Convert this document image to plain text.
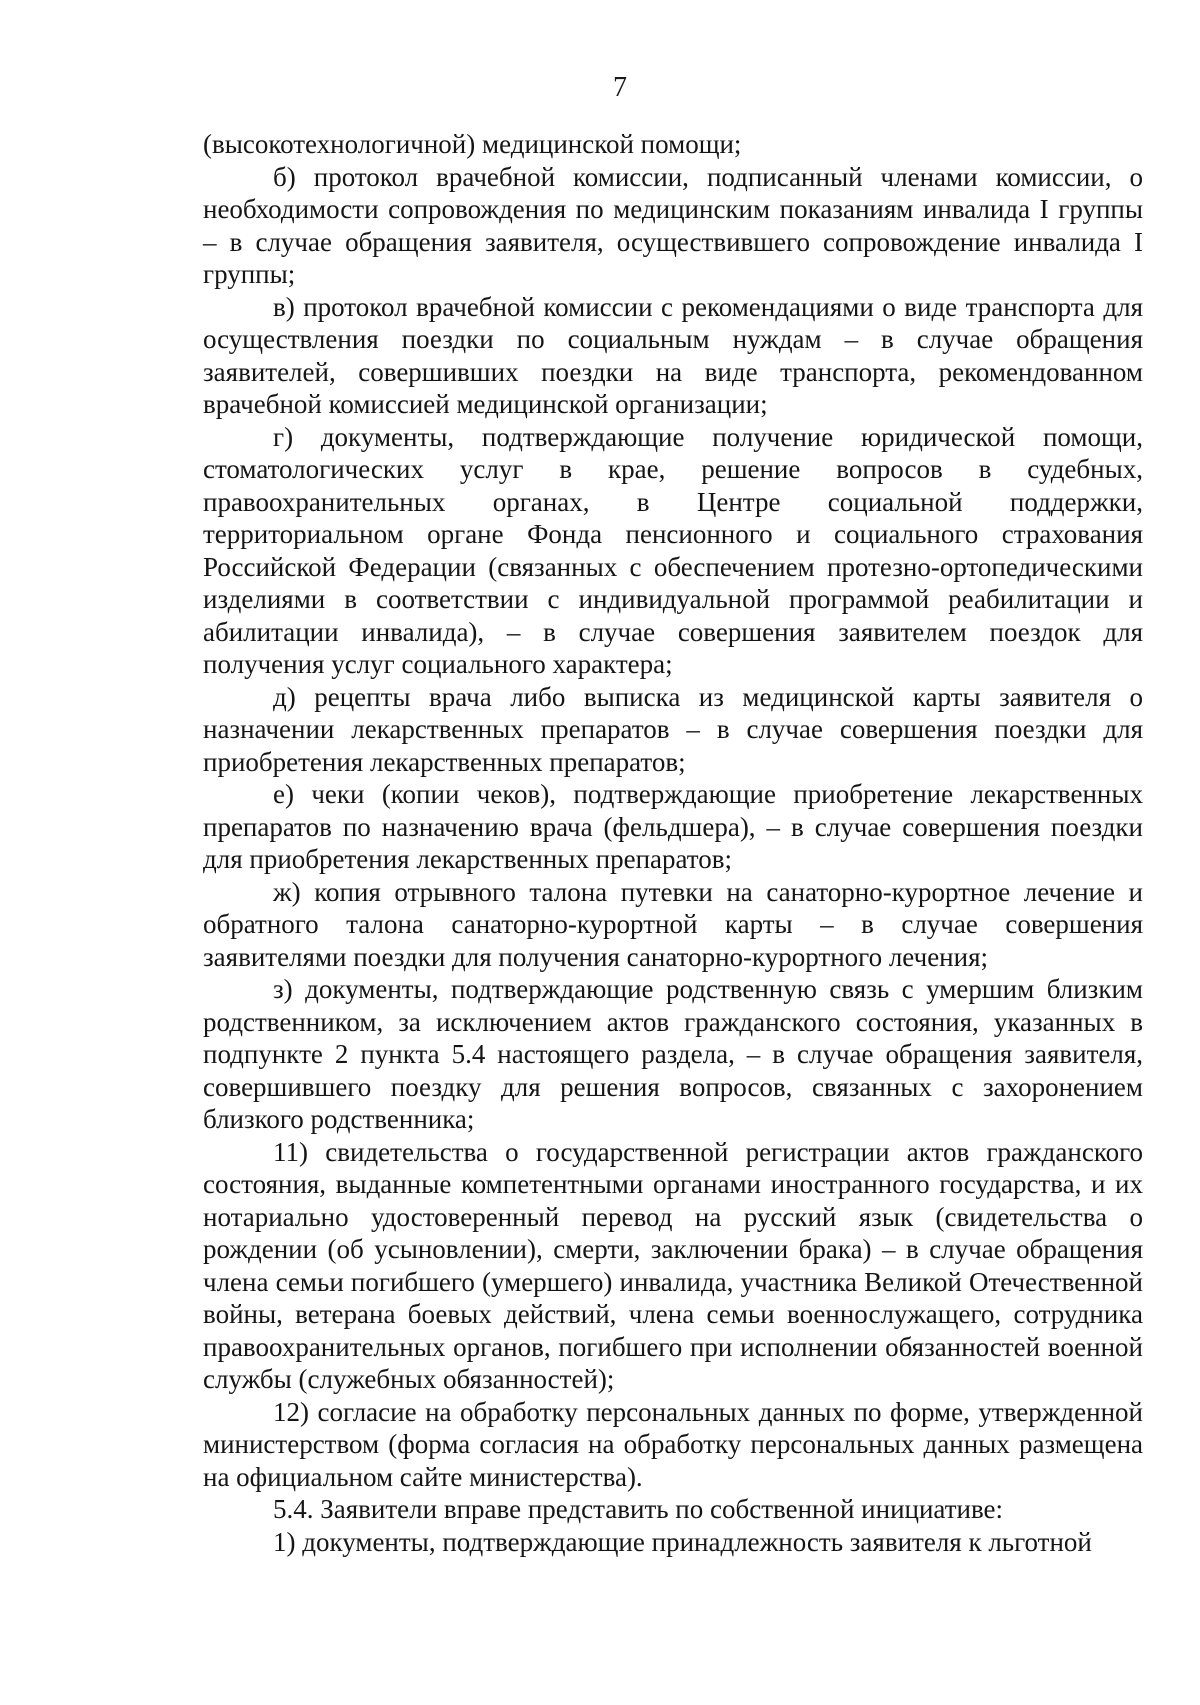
7

(высокотехнологичной) медицинской помощи;

б) протокол врачебной комиссии, подписанный членами комиссии, о необходимости сопровождения по медицинским показаниям инвалида I группы – в случае обращения заявителя, осуществившего сопровождение инвалида I группы;

в) протокол врачебной комиссии с рекомендациями о виде транспорта для осуществления поездки по социальным нуждам – в случае обращения заявителей, совершивших поездки на виде транспорта, рекомендованном врачебной комиссией медицинской организации;

г) документы, подтверждающие получение юридической помощи, стоматологических услуг в крае, решение вопросов в судебных, правоохранительных органах, в Центре социальной поддержки, территориальном органе Фонда пенсионного и социального страхования Российской Федерации (связанных с обеспечением протезно-ортопедическими изделиями в соответствии с индивидуальной программой реабилитации и абилитации инвалида), – в случае совершения заявителем поездок для получения услуг социального характера;

д) рецепты врача либо выписка из медицинской карты заявителя о назначении лекарственных препаратов – в случае совершения поездки для приобретения лекарственных препаратов;

е) чеки (копии чеков), подтверждающие приобретение лекарственных препаратов по назначению врача (фельдшера), – в случае совершения поездки для приобретения лекарственных препаратов;

ж) копия отрывного талона путевки на санаторно-курортное лечение и обратного талона санаторно-курортной карты – в случае совершения заявителями поездки для получения санаторно-курортного лечения;

з) документы, подтверждающие родственную связь с умершим близким родственником, за исключением актов гражданского состояния, указанных в подпункте 2 пункта 5.4 настоящего раздела, – в случае обращения заявителя, совершившего поездку для решения вопросов, связанных с захоронением близкого родственника;

11) свидетельства о государственной регистрации актов гражданского состояния, выданные компетентными органами иностранного государства, и их нотариально удостоверенный перевод на русский язык (свидетельства о рождении (об усыновлении), смерти, заключении брака) – в случае обращения члена семьи погибшего (умершего) инвалида, участника Великой Отечественной войны, ветерана боевых действий, члена семьи военнослужащего, сотрудника правоохранительных органов, погибшего при исполнении обязанностей военной службы (служебных обязанностей);

12) согласие на обработку персональных данных по форме, утвержденной министерством (форма согласия на обработку персональных данных размещена на официальном сайте министерства).

5.4. Заявители вправе представить по собственной инициативе:

1) документы, подтверждающие принадлежность заявителя к льготной
